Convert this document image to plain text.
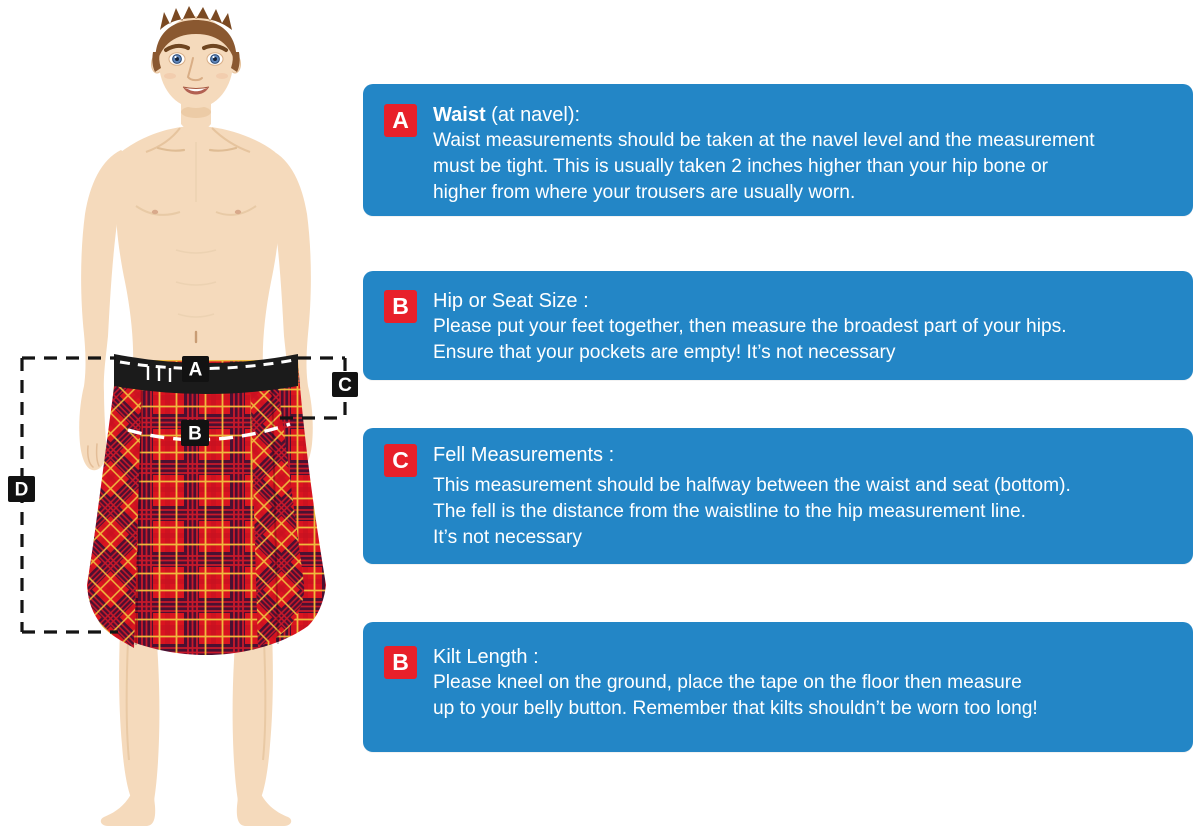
A
B
C
D
A Waist (at navel):
Waist measurements should be taken at the navel level and the measurement
must be tight. This is usually taken 2 inches higher than your hip bone or
higher from where your trousers are usually worn.
B Hip or Seat Size :
Please put your feet together, then measure the broadest part of your hips.
Ensure that your pockets are empty! It’s not necessary
C Fell Measurements :
This measurement should be halfway between the waist and seat (bottom).
The fell is the distance from the waistline to the hip measurement line.
It’s not necessary
B Kilt Length :
Please kneel on the ground, place the tape on the floor then measure
up to your belly button. Remember that kilts shouldn’t be worn too long!
